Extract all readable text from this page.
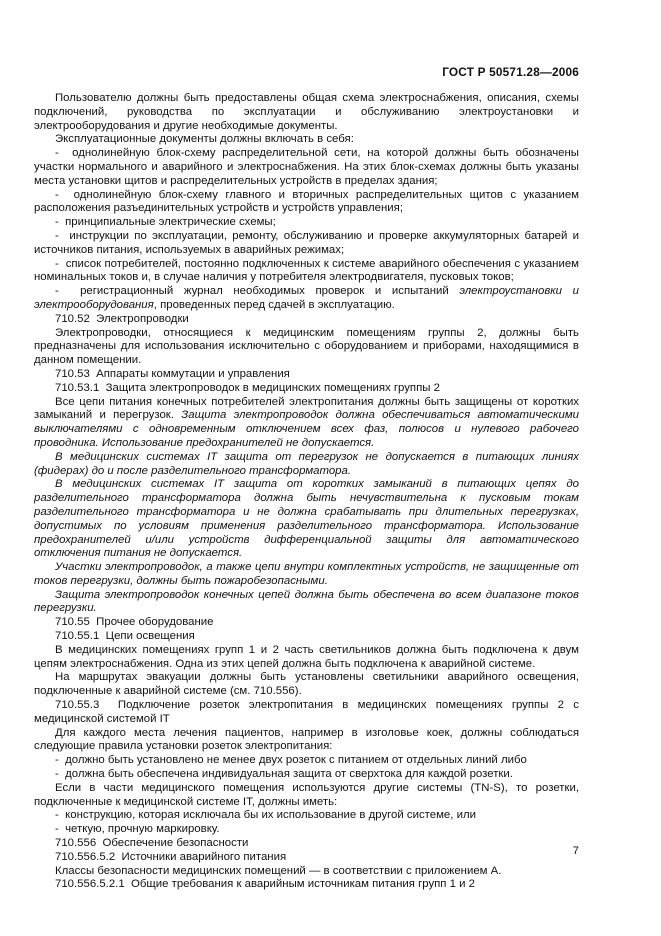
ГОСТ Р 50571.28—2006

Пользователю должны быть предоставлены общая схема электроснабжения, описания, схемы подключений, руководства по эксплуатации и обслуживанию электроустановки и электрооборудования и другие необходимые документы.

Эксплуатационные документы должны включать в себя:

-  однолинейную блок-схему распределительной сети, на которой должны быть обозначены участки нормального и аварийного и электроснабжения. На этих блок-схемах должны быть указаны места установки щитов и распределительных устройств в пределах здания;

-  однолинейную блок-схему главного и вторичных распределительных щитов с указанием расположения разъединительных устройств и устройств управления;

-  принципиальные электрические схемы;

-  инструкции по эксплуатации, ремонту, обслуживанию и проверке аккумуляторных батарей и источников питания, используемых в аварийных режимах;

-  список потребителей, постоянно подключенных к системе аварийного обеспечения с указанием номинальных токов и, в случае наличия у потребителя электродвигателя, пусковых токов;

-  регистрационный журнал необходимых проверок и испытаний электроустановки и электрооборудования, проведенных перед сдачей в эксплуатацию.

710.52  Электропроводки

Электропроводки, относящиеся к медицинским помещениям группы 2, должны быть предназначены для использования исключительно с оборудованием и приборами, находящимися в данном помещении.

710.53  Аппараты коммутации и управления

710.53.1  Защита электропроводок в медицинских помещениях группы 2

Все цепи питания конечных потребителей электропитания должны быть защищены от коротких замыканий и перегрузок. Защита электропроводок должна обеспечиваться автоматическими выключателями с одновременным отключением всех фаз, полюсов и нулевого рабочего проводника. Использование предохранителей не допускается.

В медицинских системах IT защита от перегрузок не допускается в питающих линиях (фидерах) до и после разделительного трансформатора.

В медицинских системах IT защита от коротких замыканий в питающих цепях до разделительного трансформатора должна быть нечувствительна к пусковым токам разделительного трансформатора и не должна срабатывать при длительных перегрузках, допустимых по условиям применения разделительного трансформатора. Использование предохранителей и/или устройств дифференциальной защиты для автоматического отключения питания не допускается.

Участки электропроводок, а также цепи внутри комплектных устройств, не защищенные от токов перегрузки, должны быть пожаробезопасными.

Защита электропроводок конечных цепей должна быть обеспечена во всем диапазоне токов перегрузки.

710.55  Прочее оборудование

710.55.1  Цепи освещения

В медицинских помещениях групп 1 и 2 часть светильников должна быть подключена к двум цепям электроснабжения. Одна из этих цепей должна быть подключена к аварийной системе.

На маршрутах эвакуации должны быть установлены светильники аварийного освещения, подключенные к аварийной системе (см. 710.556).

710.55.3  Подключение розеток электропитания в медицинских помещениях группы 2 с медицинской системой IT

Для каждого места лечения пациентов, например в изголовье коек, должны соблюдаться следующие правила установки розеток электропитания:

-  должно быть установлено не менее двух розеток с питанием от отдельных линий либо

-  должна быть обеспечена индивидуальная защита от сверхтока для каждой розетки.

Если в части медицинского помещения используются другие системы (TN-S), то розетки, подключенные к медицинской системе IT, должны иметь:

-  конструкцию, которая исключала бы их использование в другой системе, или

-  четкую, прочную маркировку.

710.556  Обеспечение безопасности

710.556.5.2  Источники аварийного питания

Классы безопасности медицинских помещений — в соответствии с приложением А.

710.556.5.2.1  Общие требования к аварийным источникам питания групп 1 и 2

7
